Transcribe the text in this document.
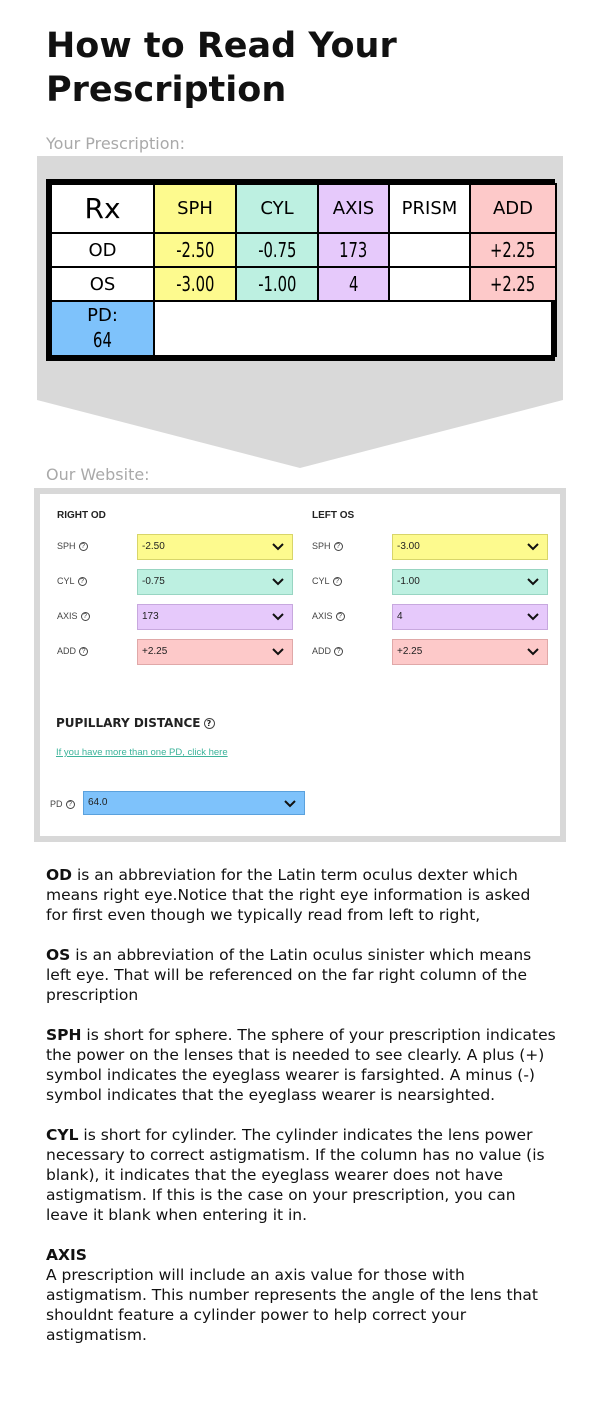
How to Read Your Prescription
Your Prescription:
Rx	SPH	CYL	AXIS	PRISM	ADD
OD	-2.50	-0.75	173		+2.25
OS	-3.00	-1.00	4		+2.25

PD:
64					

Our Website:
RIGHT OD
SPH ?	-2.50
CYL ?	-0.75
AXIS ?	173
ADD ?	+2.25
LEFT OS
SPH ?	-3.00
CYL ?	-1.00
AXIS ?	4
ADD ?	+2.25
PUPILLARY DISTANCE ?
If you have more than one PD, click here
PD ?	64.0

OD is an abbreviation for the Latin term oculus dexter which means right eye.Notice that the right eye information is asked for first even though we typically read from left to right,

OS is an abbreviation of the Latin oculus sinister which means left eye. That will be referenced on the far right column of the prescription

SPH is short for sphere. The sphere of your prescription indicates the power on the lenses that is needed to see clearly. A plus (+) symbol indicates the eyeglass wearer is farsighted. A minus (-) symbol indicates that the eyeglass wearer is nearsighted.

CYL is short for cylinder. The cylinder indicates the lens power necessary to correct astigmatism. If the column has no value (is blank), it indicates that the eyeglass wearer does not have astigmatism. If this is the case on your prescription, you can leave it blank when entering it in.

AXIS
A prescription will include an axis value for those with astigmatism. This number represents the angle of the lens that shouldnt feature a cylinder power to help correct your astigmatism.
